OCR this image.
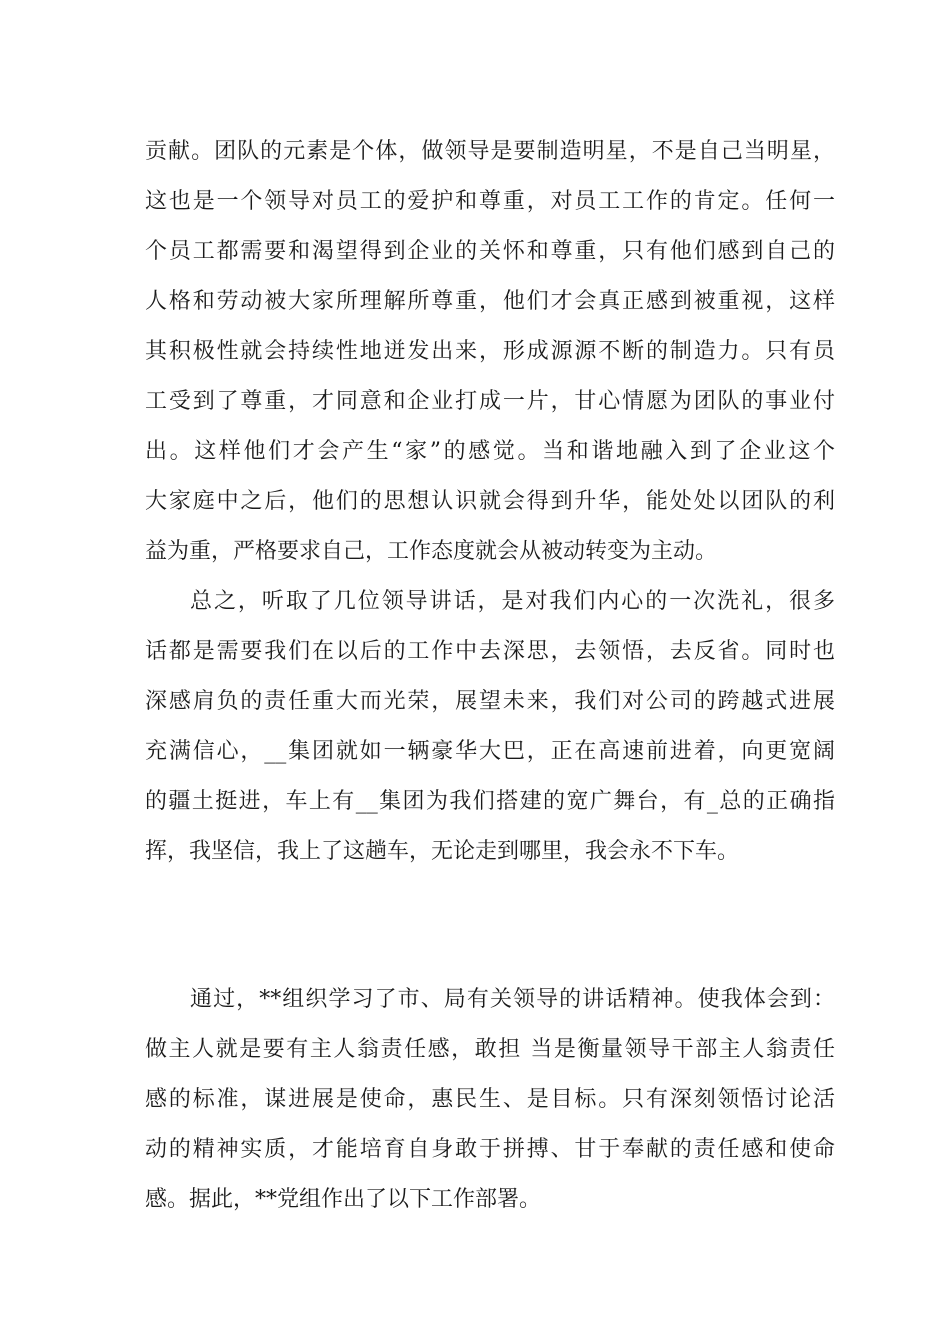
贡献。团队的元素是个体，做领导是要制造明星，不是自己当明星，
这也是一个领导对员工的爱护和尊重，对员工工作的肯定。任何一
个员工都需要和渴望得到企业的关怀和尊重，只有他们感到自己的
人格和劳动被大家所理解所尊重，他们才会真正感到被重视，这样
其积极性就会持续性地迸发出来，形成源源不断的制造力。只有员
工受到了尊重，才同意和企业打成一片，甘心情愿为团队的事业付
出。这样他们才会产生“家”的感觉。当和谐地融入到了企业这个
大家庭中之后，他们的思想认识就会得到升华，能处处以团队的利
益为重，严格要求自己，工作态度就会从被动转变为主动。
总之，听取了几位领导讲话，是对我们内心的一次洗礼，很多
话都是需要我们在以后的工作中去深思，去领悟，去反省。同时也
深感肩负的责任重大而光荣，展望未来，我们对公司的跨越式进展
充满信心，__集团就如一辆豪华大巴，正在高速前进着，向更宽阔
的疆土挺进，车上有__集团为我们搭建的宽广舞台，有_总的正确指
挥，我坚信，我上了这趟车，无论走到哪里，我会永不下车。
通过，**组织学习了市、局有关领导的讲话精神。使我体会到：
做主人就是要有主人翁责任感，敢担 当是衡量领导干部主人翁责任
感的标准，谋进展是使命，惠民生、是目标。只有深刻领悟讨论活
动的精神实质，才能培育自身敢于拼搏、甘于奉献的责任感和使命
感。据此，**党组作出了以下工作部署。
